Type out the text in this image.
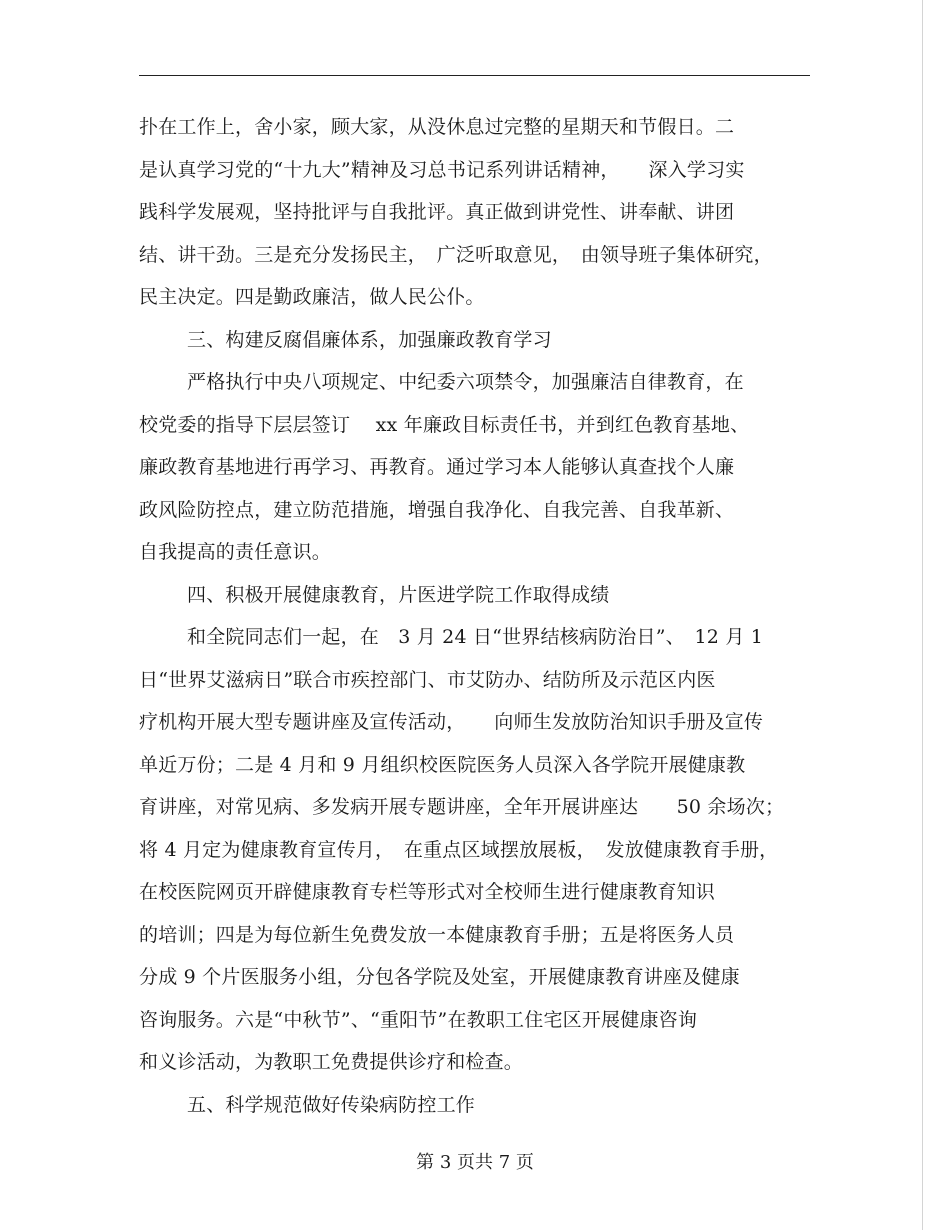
扑在工作上，舍小家，顾大家，从没休息过完整的星期天和节假日。二
是认真学习党的“十九大”精神及习总书记系列讲话精神，　　深入学习实
践科学发展观，坚持批评与自我批评。真正做到讲党性、讲奉献、讲团
结、讲干劲。三是充分发扬民主，　广泛听取意见，　由领导班子集体研究，
民主决定。四是勤政廉洁，做人民公仆。
三、构建反腐倡廉体系，加强廉政教育学习
严格执行中央八项规定、中纪委六项禁令，加强廉洁自律教育，在
校党委的指导下层层签订　 xx 年廉政目标责任书，并到红色教育基地、
廉政教育基地进行再学习、再教育。通过学习本人能够认真查找个人廉
政风险防控点，建立防范措施，增强自我净化、自我完善、自我革新、
自我提高的责任意识。
四、积极开展健康教育，片医进学院工作取得成绩
和全院同志们一起，在　3 月 24 日“世界结核病防治日”、　12 月 1
日“世界艾滋病日”联合市疾控部门、市艾防办、结防所及示范区内医
疗机构开展大型专题讲座及宣传活动，　　向师生发放防治知识手册及宣传
单近万份；二是 4 月和 9 月组织校医院医务人员深入各学院开展健康教
育讲座，对常见病、多发病开展专题讲座，全年开展讲座达　　50 余场次；
将 4 月定为健康教育宣传月，　在重点区域摆放展板，　发放健康教育手册，
在校医院网页开辟健康教育专栏等形式对全校师生进行健康教育知识
的培训；四是为每位新生免费发放一本健康教育手册；五是将医务人员
分成 9 个片医服务小组，分包各学院及处室，开展健康教育讲座及健康
咨询服务。六是“中秋节”、“重阳节”在教职工住宅区开展健康咨询
和义诊活动，为教职工免费提供诊疗和检查。
五、科学规范做好传染病防控工作
第 3 页共 7 页
